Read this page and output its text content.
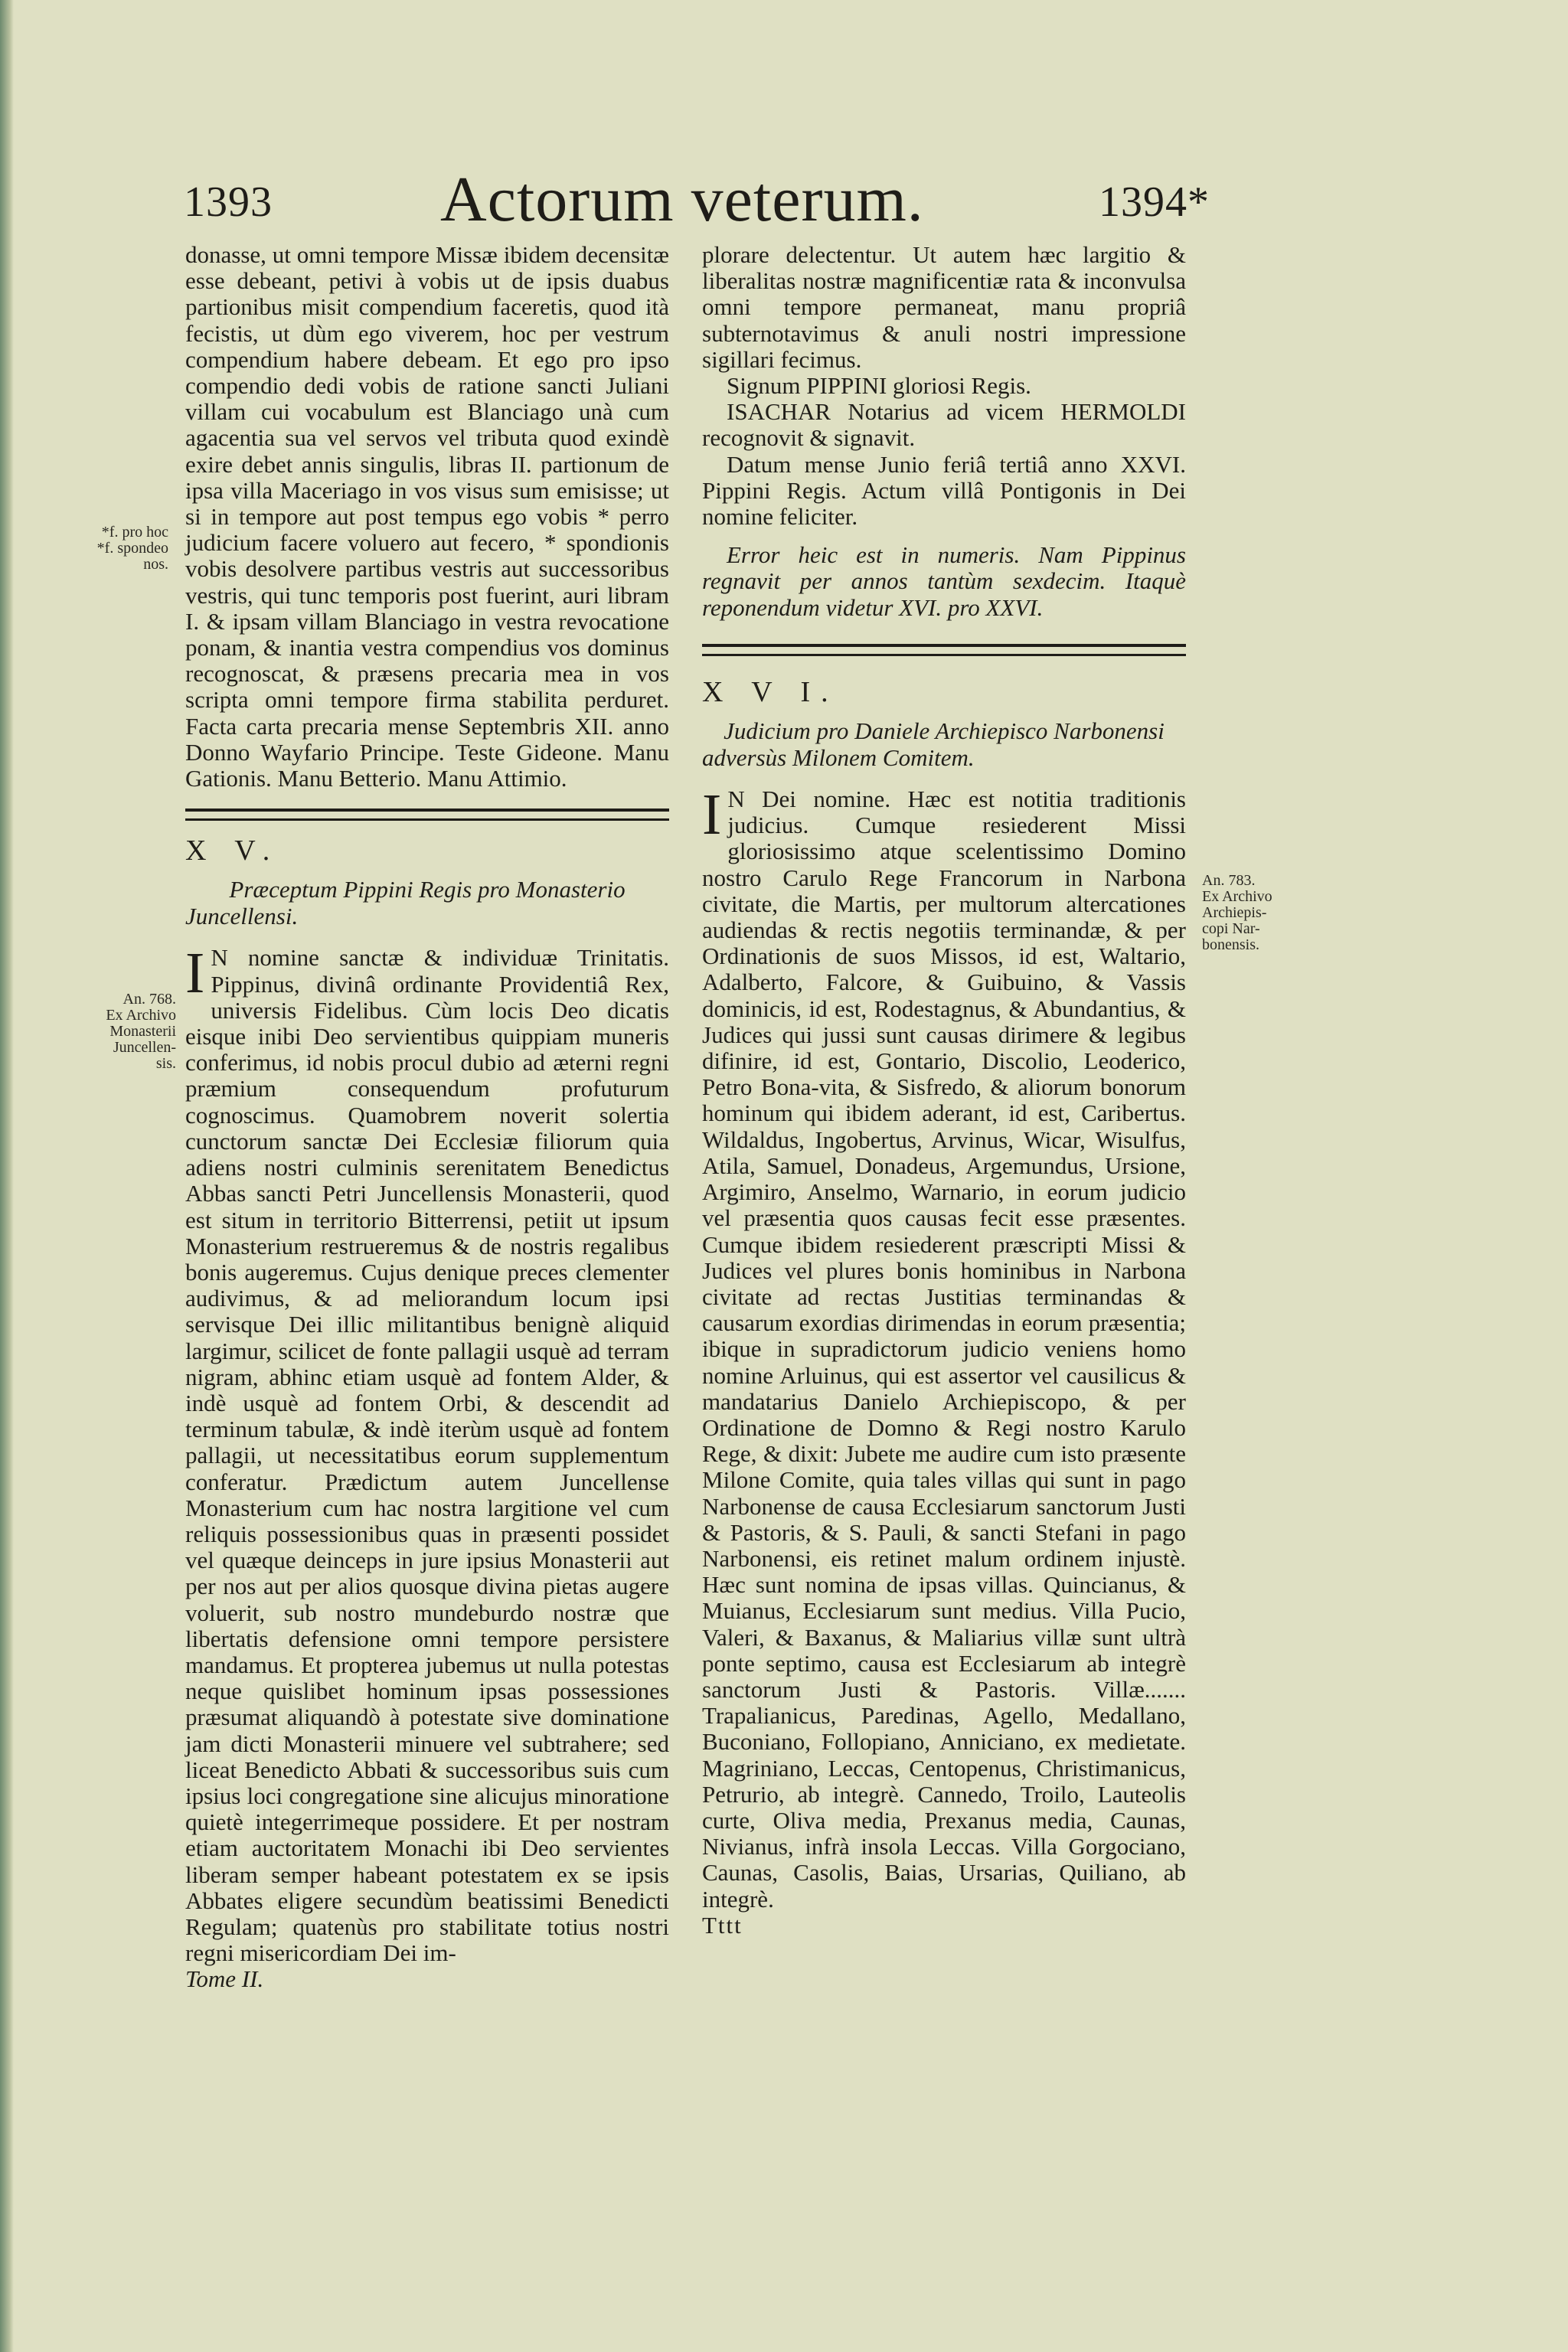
1393	Actorum veterum.	1394*
*f. pro hoc
*f. spondeo
nos.
An. 768.
Ex Archivo
Monasterii
Juncellen-
sis.
An. 783.
Ex Archivo
Archiepis-
copi Nar-
bonensis.

donasse, ut omni tempore Missæ ibidem decensitæ esse debeant, petivi à vobis ut de ipsis duabus partionibus misit compendium faceretis, quod ità fecistis, ut dùm ego viverem, hoc per vestrum compendium habere debeam. Et ego pro ipso compendio dedi vobis de ratione sancti Juliani villam cui vocabulum est Blanciago unà cum agacentia sua vel servos vel tributa quod exindè exire debet annis singulis, libras II. partionum de ipsa villa Maceriago in vos visus sum emisisse; ut si in tempore aut post tempus ego vobis * perro judicium facere voluero aut fecero, * spondionis vobis desolvere partibus vestris aut successoribus vestris, qui tunc temporis post fuerint, auri libram I. & ipsam villam Blanciago in vestra revocatione ponam, & inantia vestra compendius vos dominus recognoscat, & præsens precaria mea in vos scripta omni tempore firma stabilita perduret. Facta carta precaria mense Septembris XII. anno Donno Wayfario Principe. Teste Gideone. Manu Gationis. Manu Betterio. Manu Attimio.

X V.

Præceptum Pippini Regis pro Monasterio Juncellensi.

I N nomine sanctæ & individuæ Trinitatis. Pippinus, divinâ ordinante Providentiâ Rex, universis Fidelibus. Cùm locis Deo dicatis eisque inibi Deo servientibus quippiam muneris conferimus, id nobis procul dubio ad æterni regni præmium consequendum profuturum cognoscimus. Quamobrem noverit solertia cunctorum sanctæ Dei Ecclesiæ filiorum quia adiens nostri culminis serenitatem Benedictus Abbas sancti Petri Juncellensis Monasterii, quod est situm in territorio Bitterrensi, petiit ut ipsum Monasterium restrueremus & de nostris regalibus bonis augeremus. Cujus denique preces clementer audivimus, & ad meliorandum locum ipsi servisque Dei illic militantibus benignè aliquid largimur, scilicet de fonte pallagii usquè ad terram nigram, abhinc etiam usquè ad fontem Alder, & indè usquè ad fontem Orbi, & descendit ad terminum tabulæ, & indè iterùm usquè ad fontem pallagii, ut necessitatibus eorum supplementum conferatur. Prædictum autem Juncellense Monasterium cum hac nostra largitione vel cum reliquis possessionibus quas in præsenti possidet vel quæque deinceps in jure ipsius Monasterii aut per nos aut per alios quosque divina pietas augere voluerit, sub nostro mundeburdo nostræ que libertatis defensione omni tempore persistere mandamus. Et propterea jubemus ut nulla potestas neque quislibet hominum ipsas possessiones præsumat aliquandò à potestate sive dominatione jam dicti Monasterii minuere vel subtrahere; sed liceat Benedicto Abbati & successoribus suis cum ipsius loci congregatione sine alicujus minoratione quietè integerrimeque possidere. Et per nostram etiam auctoritatem Monachi ibi Deo servientes liberam semper habeant potestatem ex se ipsis Abbates eligere secundùm beatissimi Benedicti Regulam; quatenùs pro stabilitate totius nostri regni misericordiam Dei im-

Tome II.

plorare delectentur. Ut autem hæc largitio & liberalitas nostræ magnificentiæ rata & inconvulsa omni tempore permaneat, manu propriâ subternotavimus & anuli nostri impressione sigillari fecimus.

Signum PIPPINI gloriosi Regis.

ISACHAR Notarius ad vicem HERMOLDI recognovit & signavit.

Datum mense Junio feriâ tertiâ anno XXVI. Pippini Regis. Actum villâ Pontigonis in Dei nomine feliciter.

Error heic est in numeris. Nam Pippinus regnavit per annos tantùm sexdecim. Itaquè reponendum videtur XVI. pro XXVI.

X V I.

Judicium pro Daniele Archiepisco Narbonensi adversùs Milonem Comitem.

I N Dei nomine. Hæc est notitia traditionis judicius. Cumque resiederent Missi gloriosissimo atque scelentissimo Domino nostro Carulo Rege Francorum in Narbona civitate, die Martis, per multorum altercationes audiendas & rectis negotiis terminandæ, & per Ordinationis de suos Missos, id est, Waltario, Adalberto, Falcore, & Guibuino, & Vassis dominicis, id est, Rodestagnus, & Abundantius, & Judices qui jussi sunt causas dirimere & legibus difinire, id est, Gontario, Discolio, Leoderico, Petro Bona-vita, & Sisfredo, & aliorum bonorum hominum qui ibidem aderant, id est, Caribertus. Wildaldus, Ingobertus, Arvinus, Wicar, Wisulfus, Atila, Samuel, Donadeus, Argemundus, Ursione, Argimiro, Anselmo, Warnario, in eorum judicio vel præsentia quos causas fecit esse præsentes. Cumque ibidem resiederent præscripti Missi & Judices vel plures bonis hominibus in Narbona civitate ad rectas Justitias terminandas & causarum exordias dirimendas in eorum præsentia; ibique in supradictorum judicio veniens homo nomine Arluinus, qui est assertor vel causilicus & mandatarius Danielo Archiepiscopo, & per Ordinatione de Domno & Regi nostro Karulo Rege, & dixit: Jubete me audire cum isto præsente Milone Comite, quia tales villas qui sunt in pago Narbonense de causa Ecclesiarum sanctorum Justi & Pastoris, & S. Pauli, & sancti Stefani in pago Narbonensi, eis retinet malum ordinem injustè. Hæc sunt nomina de ipsas villas. Quincianus, & Muianus, Ecclesiarum sunt medius. Villa Pucio, Valeri, & Baxanus, & Maliarius villæ sunt ultrà ponte septimo, causa est Ecclesiarum ab integrè sanctorum Justi & Pastoris. Villæ....... Trapalianicus, Paredinas, Agello, Medallano, Buconiano, Follopiano, Anniciano, ex medietate. Magriniano, Leccas, Centopenus, Christimanicus, Petrurio, ab integrè. Cannedo, Troilo, Lauteolis curte, Oliva media, Prexanus media, Caunas, Nivianus, infrà insola Leccas. Villa Gorgociano, Caunas, Casolis, Baias, Ursarias, Quiliano, ab integrè.

Tttt
